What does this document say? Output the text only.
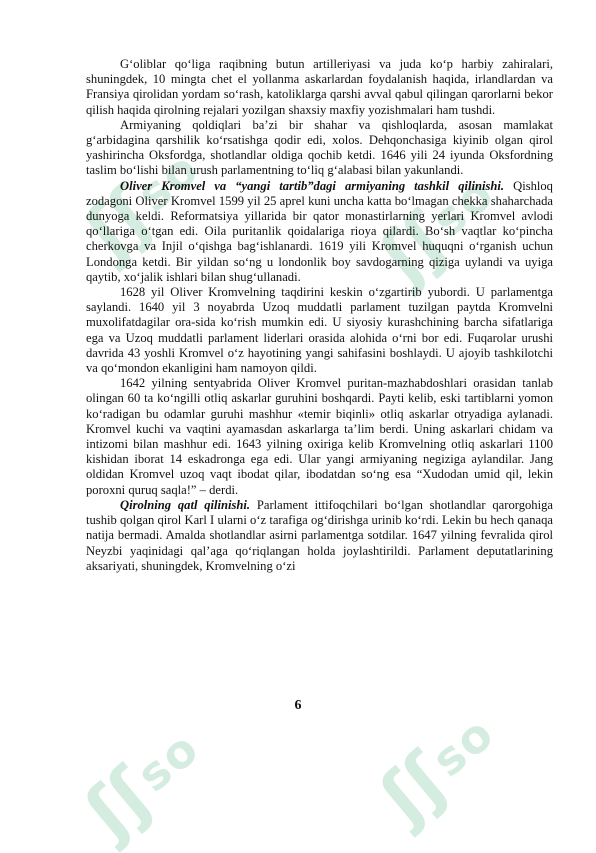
ʃʃso
ʃʃso
ʃʃso ʃʃso

G‘oliblar qo‘liga raqibning butun artilleriyasi va juda ko‘p harbiy zahiralari, shuningdek, 10 mingta chet el yollanma askarlardan foydalanish haqida, irlandlardan va Fransiya qirolidan yordam so‘rash, katoliklarga qarshi avval qabul qilingan qarorlarni bekor qilish haqida qirolning rejalari yozilgan shaxsiy maxfiy yozishmalari ham tushdi.

Armiyaning qoldiqlari ba’zi bir shahar va qishloqlarda, asosan mamlakat g‘arbidagina qarshilik ko‘rsatishga qodir edi, xolos. Dehqonchasiga kiyinib olgan qirol yashirincha Oksfordga, shotlandlar oldiga qochib ketdi. 1646 yili 24 iyunda Oksfordning taslim bo‘lishi bilan urush parlamentning to‘liq g‘alabasi bilan yakunlandi.

Oliver Kromvel va “yangi tartib”dagi armiyaning tashkil qilinishi. Qishloq zodagoni Oliver Kromvel 1599 yil 25 aprel kuni uncha katta bo‘lmagan chekka shaharchada dunyoga keldi. Reformatsiya yillarida bir qator monastirlarning yerlari Kromvel avlodi qo‘llariga o‘tgan edi. Oila puritanlik qoidalariga rioya qilardi. Bo‘sh vaqtlar ko‘pincha cherkovga va Injil o‘qishga bag‘ishlanardi. 1619 yili Kromvel huquqni o‘rganish uchun Londonga ketdi. Bir yildan so‘ng u londonlik boy savdogarning qiziga uylandi va uyiga qaytib, xo‘jalik ishlari bilan shug‘ullanadi.

1628 yil Oliver Kromvelning taqdirini keskin o‘zgartirib yubordi. U parlamentga saylandi. 1640 yil 3 noyabrda Uzoq muddatli parlament tuzilgan paytda Kromvelni muxolifatdagilar ora-sida ko‘rish mumkin edi. U siyosiy kurashchining barcha sifatlariga ega va Uzoq muddatli parlament liderlari orasida alohida o‘rni bor edi. Fuqarolar urushi davrida 43 yoshli Kromvel o‘z hayotining yangi sahifasini boshlaydi. U ajoyib tashkilotchi va qo‘mondon ekanligini ham namoyon qildi.

1642 yilning sentyabrida Oliver Kromvel puritan-mazhabdoshlari orasidan tanlab olingan 60 ta ko‘ngilli otliq askarlar guruhini boshqardi. Payti kelib, eski tartiblarni yomon ko‘radigan bu odamlar guruhi mashhur «temir biqinli» otliq askarlar otryadiga aylanadi. Kromvel kuchi va vaqtini ayamasdan askarlarga ta’lim berdi. Uning askarlari chidam va intizomi bilan mashhur edi. 1643 yilning oxiriga kelib Kromvelning otliq askarlari 1100 kishidan iborat 14 eskadronga ega edi. Ular yangi armiyaning negiziga aylandilar. Jang oldidan Kromvel uzoq vaqt ibodat qilar, ibodatdan so‘ng esa “Xudodan umid qil, lekin poroxni quruq saqla!” – derdi.

Qirolning qatl qilinishi. Parlament ittifoqchilari bo‘lgan shotlandlar qarorgohiga tushib qolgan qirol Karl I ularni o‘z tarafiga og‘dirishga urinib ko‘rdi. Lekin bu hech qanaqa natija bermadi. Amalda shotlandlar asirni parlamentga sotdilar. 1647 yilning fevralida qirol Neyzbi yaqinidagi qal’aga qo‘riqlangan holda joylashtirildi. Parlament deputatlarining aksariyati, shuningdek, Kromvelning o‘zi

6
